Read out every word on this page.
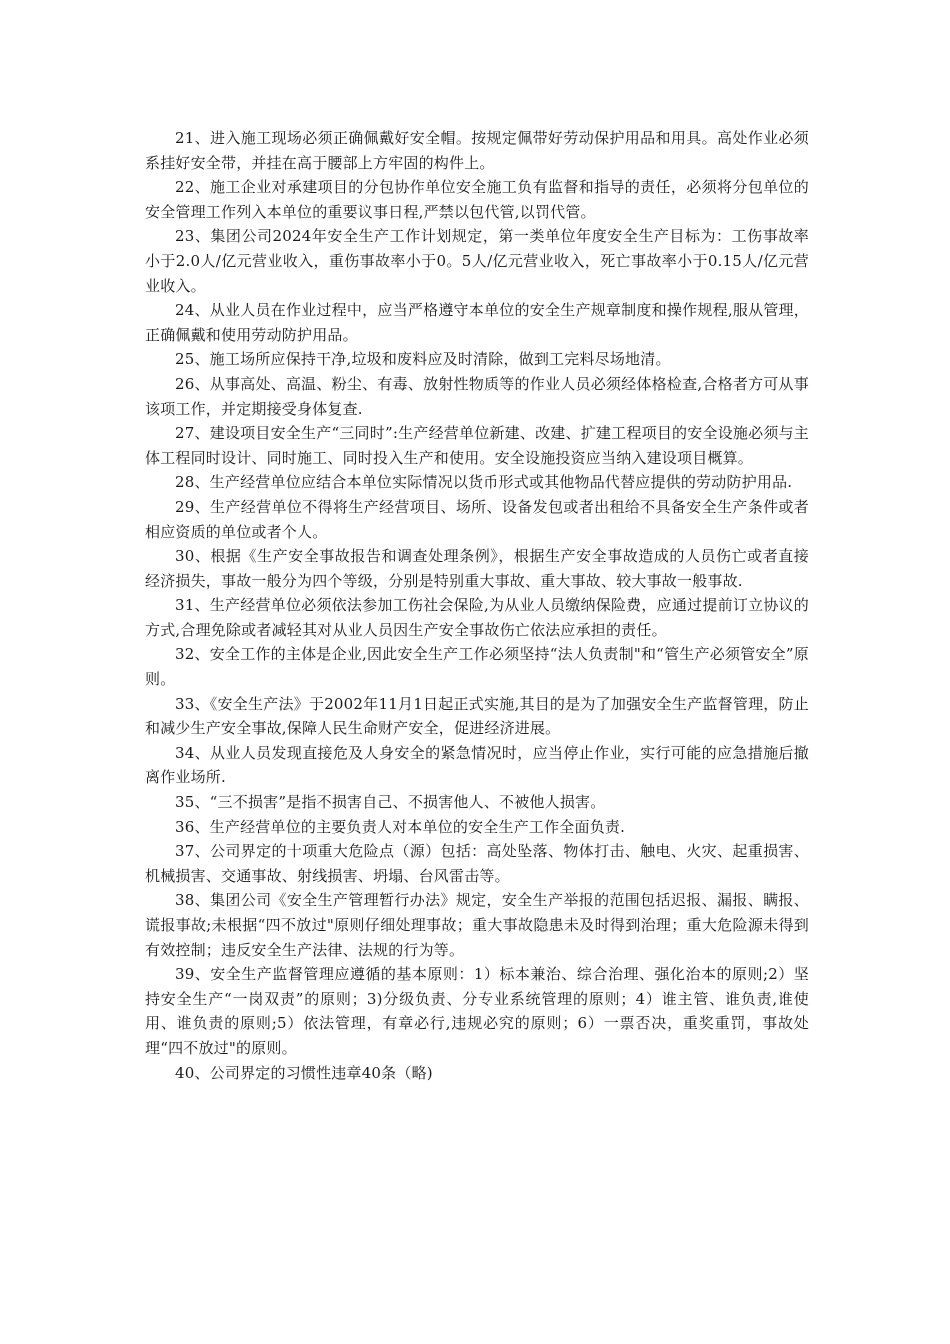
21、进入施工现场必须正确佩戴好安全帽。按规定佩带好劳动保护用品和用具。高处作业必须系挂好安全带，并挂在高于腰部上方牢固的构件上。

22、施工企业对承建项目的分包协作单位安全施工负有监督和指导的责任，必须将分包单位的安全管理工作列入本单位的重要议事日程,严禁以包代管,以罚代管。

23、集团公司2024年安全生产工作计划规定，第一类单位年度安全生产目标为：工伤事故率小于2.0人/亿元营业收入，重伤事故率小于0。5人/亿元营业收入，死亡事故率小于0.15人/亿元营业收入。

24、从业人员在作业过程中，应当严格遵守本单位的安全生产规章制度和操作规程,服从管理，正确佩戴和使用劳动防护用品。

25、施工场所应保持干净,垃圾和废料应及时清除，做到工完料尽场地清。

26、从事高处、高温、粉尘、有毒、放射性物质等的作业人员必须经体格检查,合格者方可从事该项工作，并定期接受身体复查.

27、建设项目安全生产“三同时”:生产经营单位新建、改建、扩建工程项目的安全设施必须与主体工程同时设计、同时施工、同时投入生产和使用。安全设施投资应当纳入建设项目概算。

28、生产经营单位应结合本单位实际情况以货币形式或其他物品代替应提供的劳动防护用品.

29、生产经营单位不得将生产经营项目、场所、设备发包或者出租给不具备安全生产条件或者相应资质的单位或者个人。

30、根据《生产安全事故报告和调查处理条例》，根据生产安全事故造成的人员伤亡或者直接经济损失，事故一般分为四个等级，分别是特别重大事故、重大事故、较大事故一般事故.

31、生产经营单位必须依法参加工伤社会保险,为从业人员缴纳保险费，应通过提前订立协议的方式,合理免除或者减轻其对从业人员因生产安全事故伤亡依法应承担的责任。

32、安全工作的主体是企业,因此安全生产工作必须坚持“法人负责制"和“管生产必须管安全”原则。

33、《安全生产法》于2002年11月1日起正式实施,其目的是为了加强安全生产监督管理，防止和减少生产安全事故,保障人民生命财产安全，促进经济进展。

34、从业人员发现直接危及人身安全的紧急情况时，应当停止作业，实行可能的应急措施后撤离作业场所.

35、“三不损害”是指不损害自己、不损害他人、不被他人损害。

36、生产经营单位的主要负责人对本单位的安全生产工作全面负责.

37、公司界定的十项重大危险点（源）包括：高处坠落、物体打击、触电、火灾、起重损害、机械损害、交通事故、射线损害、坍塌、台风雷击等。

38、集团公司《安全生产管理暂行办法》规定，安全生产举报的范围包括迟报、漏报、瞒报、谎报事故;未根据“四不放过"原则仔细处理事故；重大事故隐患未及时得到治理；重大危险源未得到有效控制；违反安全生产法律、法规的行为等。

39、安全生产监督管理应遵循的基本原则：1）标本兼治、综合治理、强化治本的原则;2）坚持安全生产“一岗双责”的原则；3)分级负责、分专业系统管理的原则；4）谁主管、谁负责,谁使用、谁负责的原则;5）依法管理，有章必行,违规必究的原则；6）一票否决，重奖重罚，事故处理“四不放过"的原则。

40、公司界定的习惯性违章40条（略)
